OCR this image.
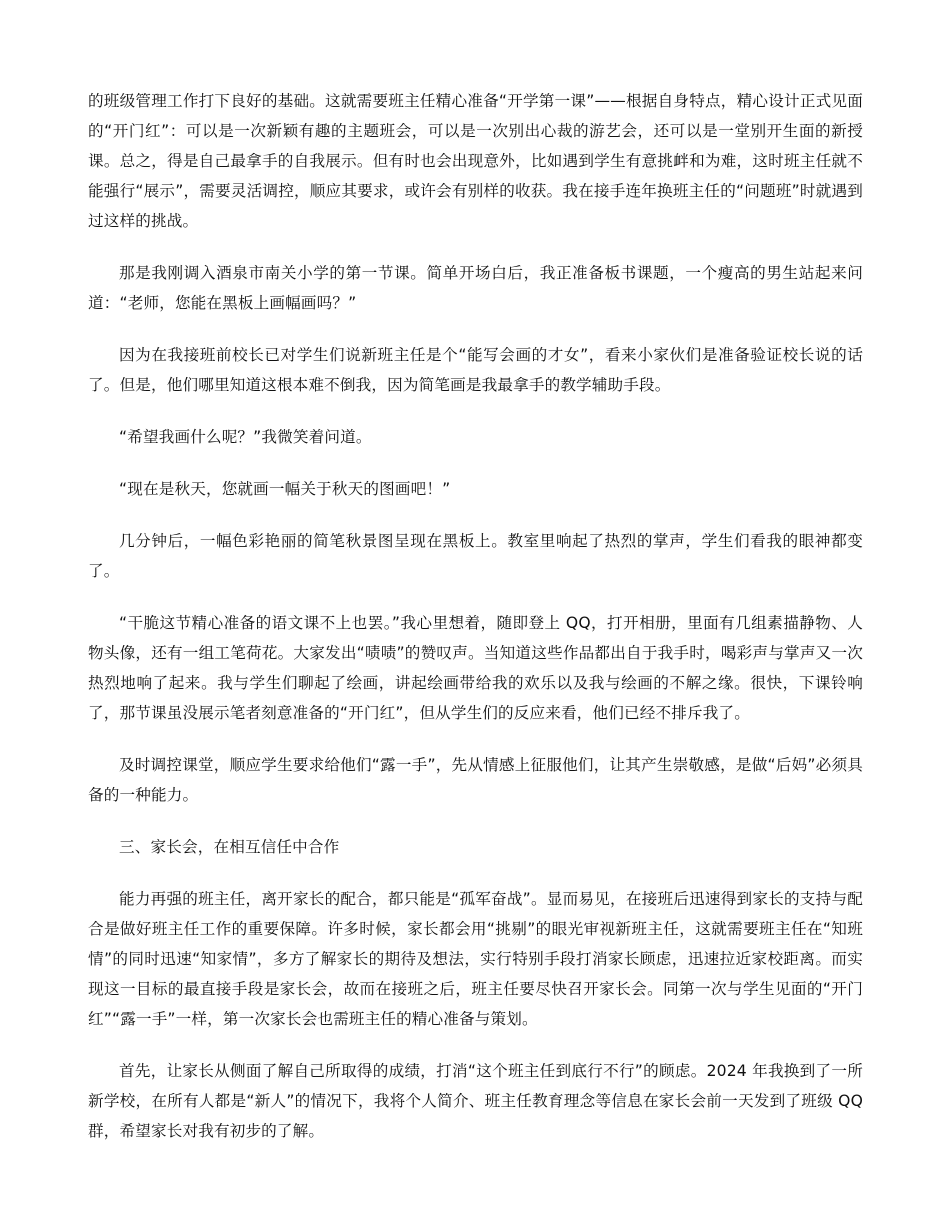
的班级管理工作打下良好的基础。这就需要班主任精心准备“开学第一课”——根据自身特点，精心设计正式见面的“开门红”：可以是一次新颖有趣的主题班会，可以是一次别出心裁的游艺会，还可以是一堂别开生面的新授课。总之，得是自己最拿手的自我展示。但有时也会出现意外，比如遇到学生有意挑衅和为难，这时班主任就不能强行“展示”，需要灵活调控，顺应其要求，或许会有别样的收获。我在接手连年换班主任的“问题班”时就遇到过这样的挑战。

那是我刚调入酒泉市南关小学的第一节课。简单开场白后，我正准备板书课题，一个瘦高的男生站起来问道：“老师，您能在黑板上画幅画吗？”

因为在我接班前校长已对学生们说新班主任是个“能写会画的才女”，看来小家伙们是准备验证校长说的话了。但是，他们哪里知道这根本难不倒我，因为简笔画是我最拿手的教学辅助手段。

“希望我画什么呢？”我微笑着问道。

“现在是秋天，您就画一幅关于秋天的图画吧！”

几分钟后，一幅色彩艳丽的简笔秋景图呈现在黑板上。教室里响起了热烈的掌声，学生们看我的眼神都变了。

“干脆这节精心准备的语文课不上也罢。”我心里想着，随即登上 QQ，打开相册，里面有几组素描静物、人物头像，还有一组工笔荷花。大家发出“啧啧”的赞叹声。当知道这些作品都出自于我手时，喝彩声与掌声又一次热烈地响了起来。我与学生们聊起了绘画，讲起绘画带给我的欢乐以及我与绘画的不解之缘。很快，下课铃响了，那节课虽没展示笔者刻意准备的“开门红”，但从学生们的反应来看，他们已经不排斥我了。

及时调控课堂，顺应学生要求给他们“露一手”，先从情感上征服他们，让其产生崇敬感，是做“后妈”必须具备的一种能力。

三、家长会，在相互信任中合作

能力再强的班主任，离开家长的配合，都只能是“孤军奋战”。显而易见，在接班后迅速得到家长的支持与配合是做好班主任工作的重要保障。许多时候，家长都会用“挑剔”的眼光审视新班主任，这就需要班主任在“知班情”的同时迅速“知家情”，多方了解家长的期待及想法，实行特别手段打消家长顾虑，迅速拉近家校距离。而实现这一目标的最直接手段是家长会，故而在接班之后，班主任要尽快召开家长会。同第一次与学生见面的“开门红”“露一手”一样，第一次家长会也需班主任的精心准备与策划。

首先，让家长从侧面了解自己所取得的成绩，打消“这个班主任到底行不行”的顾虑。2024 年我换到了一所新学校，在所有人都是“新人”的情况下，我将个人简介、班主任教育理念等信息在家长会前一天发到了班级 QQ 群，希望家长对我有初步的了解。
